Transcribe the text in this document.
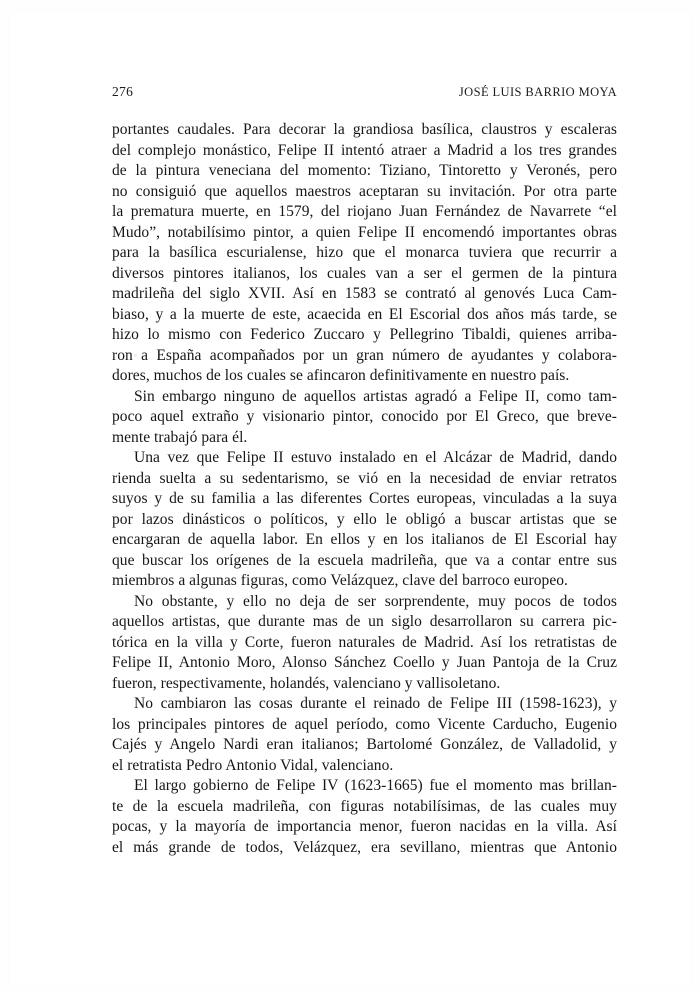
276	JOSÉ LUIS BARRIO MOYA
portantes caudales. Para decorar la grandiosa basílica, claustros y escaleras
del complejo monástico, Felipe II intentó atraer a Madrid a los tres grandes
de la pintura veneciana del momento: Tiziano, Tintoretto y Veronés, pero
no consiguió que aquellos maestros aceptaran su invitación. Por otra parte
la prematura muerte, en 1579, del riojano Juan Fernández de Navarrete “el
Mudo”, notabilísimo pintor, a quien Felipe II encomendó importantes obras
para la basílica escurialense, hizo que el monarca tuviera que recurrir a
diversos pintores italianos, los cuales van a ser el germen de la pintura
madrileña del siglo XVII. Así en 1583 se contrató al genovés Luca Cam-
biaso, y a la muerte de este, acaecida en El Escorial dos años más tarde, se
hizo lo mismo con Federico Zuccaro y Pellegrino Tibaldi, quienes arriba-
ron a España acompañados por un gran número de ayudantes y colabora-
dores, muchos de los cuales se afincaron definitivamente en nuestro país.
Sin embargo ninguno de aquellos artistas agradó a Felipe II, como tam-
poco aquel extraño y visionario pintor, conocido por El Greco, que breve-
mente trabajó para él.
Una vez que Felipe II estuvo instalado en el Alcázar de Madrid, dando
rienda suelta a su sedentarismo, se vió en la necesidad de enviar retratos
suyos y de su familia a las diferentes Cortes europeas, vinculadas a la suya
por lazos dinásticos o políticos, y ello le obligó a buscar artistas que se
encargaran de aquella labor. En ellos y en los italianos de El Escorial hay
que buscar los orígenes de la escuela madrileña, que va a contar entre sus
miembros a algunas figuras, como Velázquez, clave del barroco europeo.
No obstante, y ello no deja de ser sorprendente, muy pocos de todos
aquellos artistas, que durante mas de un siglo desarrollaron su carrera pic-
tórica en la villa y Corte, fueron naturales de Madrid. Así los retratistas de
Felipe II, Antonio Moro, Alonso Sánchez Coello y Juan Pantoja de la Cruz
fueron, respectivamente, holandés, valenciano y vallisoletano.
No cambiaron las cosas durante el reinado de Felipe III (1598-1623), y
los principales pintores de aquel período, como Vicente Carducho, Eugenio
Cajés y Angelo Nardi eran italianos; Bartolomé González, de Valladolid, y
el retratista Pedro Antonio Vidal, valenciano.
El largo gobierno de Felipe IV (1623-1665) fue el momento mas brillan-
te de la escuela madrileña, con figuras notabilísimas, de las cuales muy
pocas, y la mayoría de importancia menor, fueron nacidas en la villa. Así
el más grande de todos, Velázquez, era sevillano, mientras que Antonio
